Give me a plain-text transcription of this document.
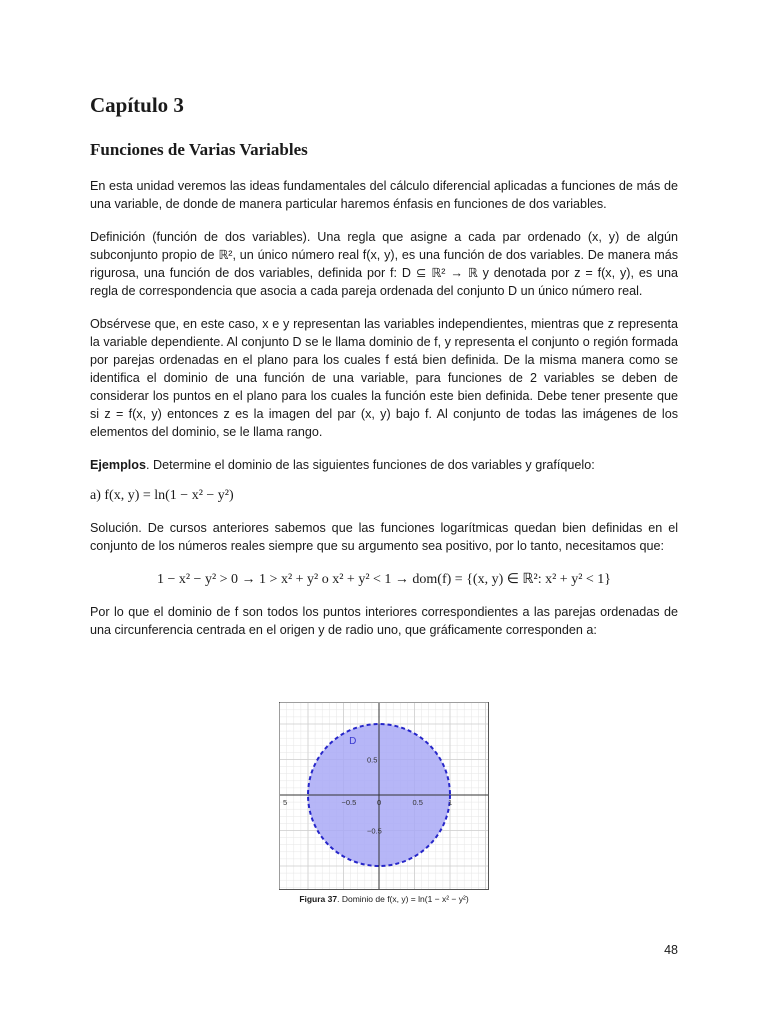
Capítulo 3
Funciones de Varias Variables

En esta unidad veremos las ideas fundamentales del cálculo diferencial aplicadas a funciones de más de una variable, de donde de manera particular haremos énfasis en funciones de dos variables.

Definición (función de dos variables). Una regla que asigne a cada par ordenado (x, y) de algún subconjunto propio de ℝ², un único número real f(x, y), es una función de dos variables. De manera más rigurosa, una función de dos variables, definida por f: D ⊆ ℝ² → ℝ y denotada por z = f(x, y), es una regla de correspondencia que asocia a cada pareja ordenada del conjunto D un único número real.

Obsérvese que, en este caso, x e y representan las variables independientes, mientras que z representa la variable dependiente. Al conjunto D se le llama dominio de f, y representa el conjunto o región formada por parejas ordenadas en el plano para los cuales f está bien definida. De la misma manera como se identifica el dominio de una función de una variable, para funciones de 2 variables se deben de considerar los puntos en el plano para los cuales la función este bien definida. Debe tener presente que si z = f(x, y) entonces z es la imagen del par (x, y) bajo f. Al conjunto de todas las imágenes de los elementos del dominio, se le llama rango.

Ejemplos. Determine el dominio de las siguientes funciones de dos variables y grafíquelo:

a) f(x, y) = ln(1 − x² − y²)

Solución. De cursos anteriores sabemos que las funciones logarítmicas quedan bien definidas en el conjunto de los números reales siempre que su argumento sea positivo, por lo tanto, necesitamos que:

1 − x² − y² > 0 → 1 > x² + y² o x² + y² < 1 → dom(f) = {(x, y) ∈ ℝ²: x² + y² < 1}

Por lo que el dominio de f son todos los puntos interiores correspondientes a las parejas ordenadas de una circunferencia centrada en el origen y de radio uno, que gráficamente corresponden a:

5	−0.5	0	0.5	1
0.5
−0.5
D
Figura 37. Dominio de f(x, y) = ln(1 − x² − y²)
48
